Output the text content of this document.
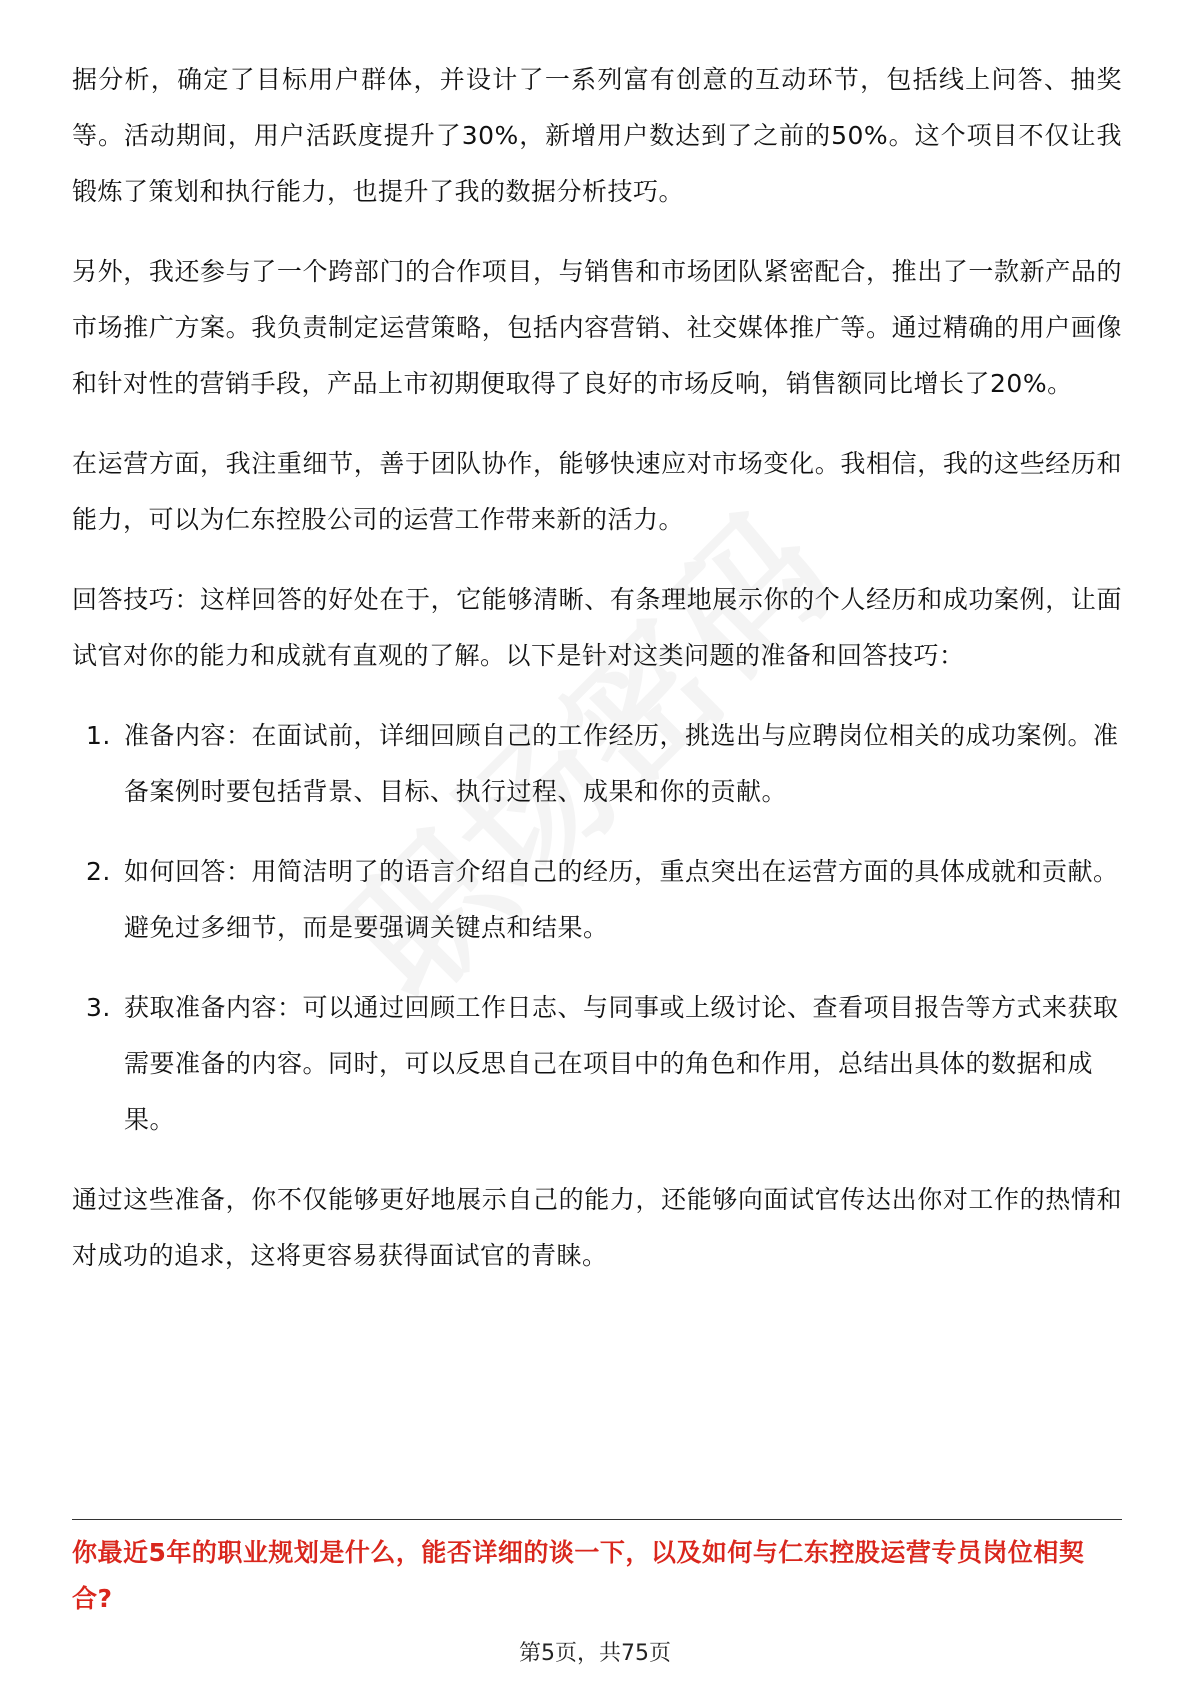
据分析，确定了目标用户群体，并设计了一系列富有创意的互动环节，包括线上问答、抽奖等。活动期间，用户活跃度提升了30%，新增用户数达到了之前的50%。这个项目不仅让我锻炼了策划和执行能力，也提升了我的数据分析技巧。

另外，我还参与了一个跨部门的合作项目，与销售和市场团队紧密配合，推出了一款新产品的市场推广方案。我负责制定运营策略，包括内容营销、社交媒体推广等。通过精确的用户画像和针对性的营销手段，产品上市初期便取得了良好的市场反响，销售额同比增长了20%。

在运营方面，我注重细节，善于团队协作，能够快速应对市场变化。我相信，我的这些经历和能力，可以为仁东控股公司的运营工作带来新的活力。

回答技巧：这样回答的好处在于，它能够清晰、有条理地展示你的个人经历和成功案例，让面试官对你的能力和成就有直观的了解。以下是针对这类问题的准备和回答技巧：

1. 准备内容：在面试前，详细回顾自己的工作经历，挑选出与应聘岗位相关的成功案例。准备案例时要包括背景、目标、执行过程、成果和你的贡献。
2. 如何回答：用简洁明了的语言介绍自己的经历，重点突出在运营方面的具体成就和贡献。避免过多细节，而是要强调关键点和结果。
3. 获取准备内容：可以通过回顾工作日志、与同事或上级讨论、查看项目报告等方式来获取需要准备的内容。同时，可以反思自己在项目中的角色和作用，总结出具体的数据和成果。

通过这些准备，你不仅能够更好地展示自己的能力，还能够向面试官传达出你对工作的热情和对成功的追求，这将更容易获得面试官的青睐。

你最近5年的职业规划是什么，能否详细的谈一下，以及如何与仁东控股运营专员岗位相契合?
第5页，共75页
